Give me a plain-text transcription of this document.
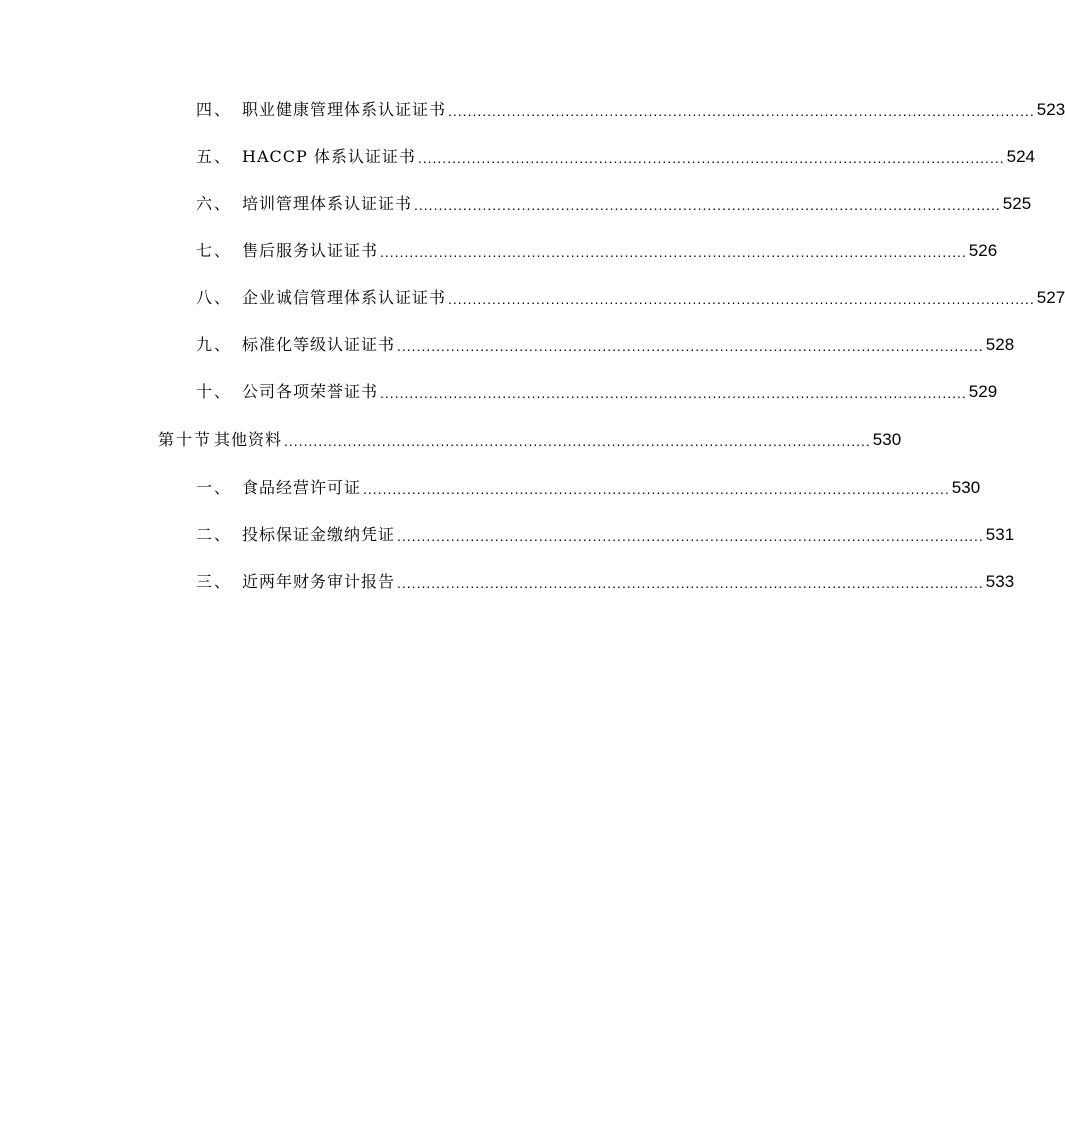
四、 职业健康管理体系认证证书 ........................................................................................................................ 523
五、 HACCP 体系认证证书 ........................................................................................................................ 524
六、 培训管理体系认证证书 ........................................................................................................................ 525
七、 售后服务认证证书 ........................................................................................................................ 526
八、 企业诚信管理体系认证证书 ........................................................................................................................ 527
九、 标准化等级认证证书 ........................................................................................................................ 528
十、 公司各项荣誉证书 ........................................................................................................................ 529
第十节 其他资料 ........................................................................................................................ 530
一、 食品经营许可证 ........................................................................................................................ 530
二、 投标保证金缴纳凭证 ........................................................................................................................ 531
三、 近两年财务审计报告 ........................................................................................................................ 533
